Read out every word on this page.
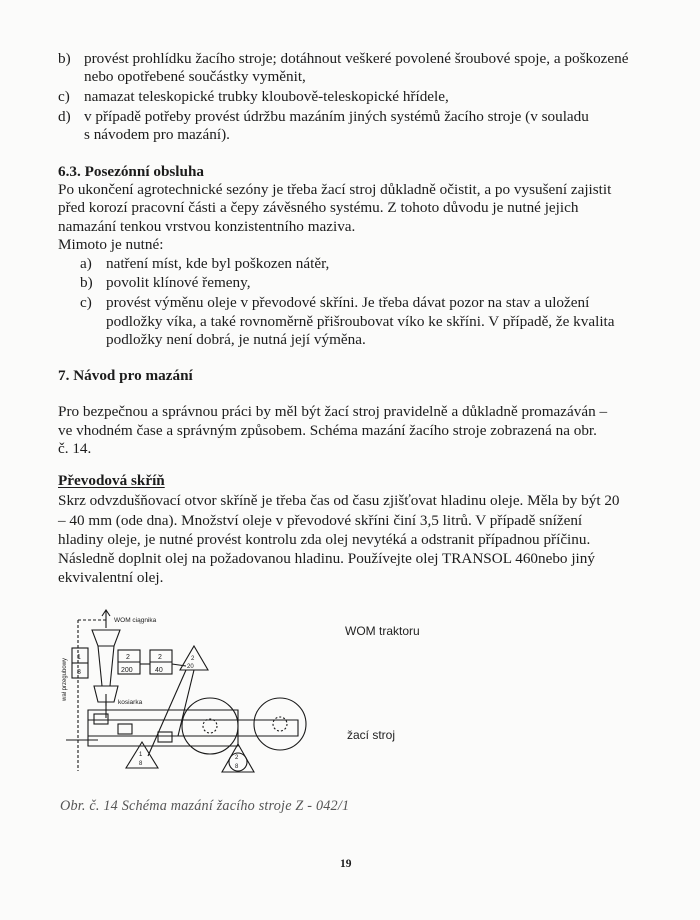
b) provést prohlídku žacího stroje; dotáhnout veškeré povolené šroubové spoje, a poškozené
nebo opotřebené součástky vyměnit,
c) namazat teleskopické trubky kloubově-teleskopické hřídele,
d) v případě potřeby provést údržbu mazáním jiných systémů žacího stroje (v souladu
s návodem pro mazání).
6.3. Posezónní obsluha
Po ukončení agrotechnické sezóny je třeba žací stroj důkladně očistit, a po vysušení zajistit
před korozí pracovní části a čepy závěsného systému. Z tohoto důvodu je nutné jejich
namazání tenkou vrstvou konzistentního maziva.
Mimoto je nutné:
a) natření míst, kde byl poškozen nátěr,
b) povolit klínové řemeny,
c) provést výměnu oleje v převodové skříni. Je třeba dávat pozor na stav a uložení
podložky víka, a také rovnoměrně přišroubovat víko ke skříni. V případě, že kvalita
podložky není dobrá, je nutná její výměna.
7. Návod pro mazání
Pro bezpečnou a správnou práci by měl být žací stroj pravidelně a důkladně promazáván –
ve vhodném čase a správným způsobem. Schéma mazání žacího stroje zobrazená na obr.
č. 14.
Převodová skříň
Skrz odvzdušňovací otvor skříně je třeba čas od času zjišťovat hladinu oleje. Měla by být 20
– 40 mm (ode dna). Množství oleje v převodové skříni činí 3,5 litrů. V případě snížení
hladiny oleje, je nutné provést kontrolu zda olej nevytéká a odstranit případnou příčinu.
Následně doplnit olej na požadovanou hladinu. Používejte olej TRANSOL 460nebo jiný
ekvivalentní olej.
WOM ciągnika
kosiarka
wał przegubowy
1
8
2
200
2
40
2
20
1
8
2
8
WOM traktoru
žací stroj
Obr. č. 14 Schéma mazání žacího stroje Z - 042/1
19
